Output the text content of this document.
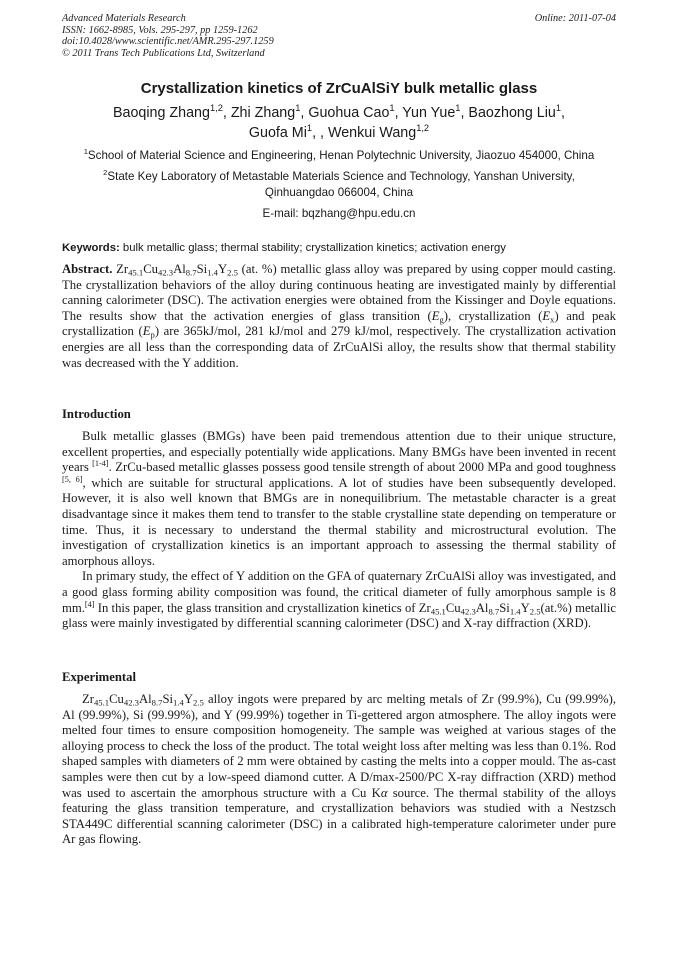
Advanced Materials Research
ISSN: 1662-8985, Vols. 295-297, pp 1259-1262
doi:10.4028/www.scientific.net/AMR.295-297.1259
© 2011 Trans Tech Publications Ltd, Switzerland
Online: 2011-07-04
Crystallization kinetics of ZrCuAlSiY bulk metallic glass
Baoqing Zhang$^{1,2}$, Zhi Zhang$^1$, Guohua Cao$^1$, Yun Yue$^1$, Baozhong Liu$^1$,
Guofa Mi$^1$, , Wenkui Wang$^{1,2}$
$^1$School of Material Science and Engineering, Henan Polytechnic University, Jiaozuo 454000, China
$^2$State Key Laboratory of Metastable Materials Science and Technology, Yanshan University, Qinhuangdao 066004, China
E-mail: bqzhang@hpu.edu.cn
Keywords: bulk metallic glass; thermal stability; crystallization kinetics; activation energy

Abstract. $Zr_{45.1}Cu_{42.3}Al_{8.7}Si_{1.4}Y_{2.5}$ (at. %) metallic glass alloy was prepared by using copper mould casting. The crystallization behaviors of the alloy during continuous heating are investigated mainly by differential canning calorimeter (DSC). The activation energies were obtained from the Kissinger and Doyle equations. The results show that the activation energies of glass transition $(E_g)$, crystallization $(E_x)$ and peak crystallization $(E_p)$ are 365kJ/mol, 281 kJ/mol and 279 kJ/mol, respectively. The crystallization activation energies are all less than the corresponding data of ZrCuAlSi alloy, the results show that thermal stability was decreased with the Y addition.

Introduction

Bulk metallic glasses (BMGs) have been paid tremendous attention due to their unique structure, excellent properties, and especially potentially wide applications. Many BMGs have been invented in recent years [1-4]. ZrCu-based metallic glasses possess good tensile strength of about 2000 MPa and good toughness [5, 6], which are suitable for structural applications. A lot of studies have been subsequently developed. However, it is also well known that BMGs are in nonequilibrium. The metastable character is a great disadvantage since it makes them tend to transfer to the stable crystalline state depending on temperature or time. Thus, it is necessary to understand the thermal stability and microstructural evolution. The investigation of crystallization kinetics is an important approach to assessing the thermal stability of amorphous alloys.

In primary study, the effect of Y addition on the GFA of quaternary ZrCuAlSi alloy was investigated, and a good glass forming ability composition was found, the critical diameter of fully amorphous sample is 8 mm.[4] In this paper, the glass transition and crystallization kinetics of $Zr_{45.1}Cu_{42.3}Al_{8.7}Si_{1.4}Y_{2.5}(at.\%)$ metallic glass were mainly investigated by differential scanning calorimeter (DSC) and X-ray diffraction (XRD).

Experimental

$Zr_{45.1}Cu_{42.3}Al_{8.7}Si_{1.4}Y_{2.5}$ alloy ingots were prepared by arc melting metals of Zr (99.9%), Cu (99.99%), Al (99.99%), Si (99.99%), and Y (99.99%) together in Ti-gettered argon atmosphere. The alloy ingots were melted four times to ensure composition homogeneity. The sample was weighed at various stages of the alloying process to check the loss of the product. The total weight loss after melting was less than 0.1%. Rod shaped samples with diameters of 2 mm were obtained by casting the melts into a copper mould. The as-cast samples were then cut by a low-speed diamond cutter. A D/max-2500/PC X-ray diffraction (XRD) method was used to ascertain the amorphous structure with a Cu Kα source. The thermal stability of the alloys featuring the glass transition temperature, and crystallization behaviors was studied with a Nestzsch STA449C differential scanning calorimeter (DSC) in a calibrated high-temperature calorimeter under pure Ar gas flowing.
